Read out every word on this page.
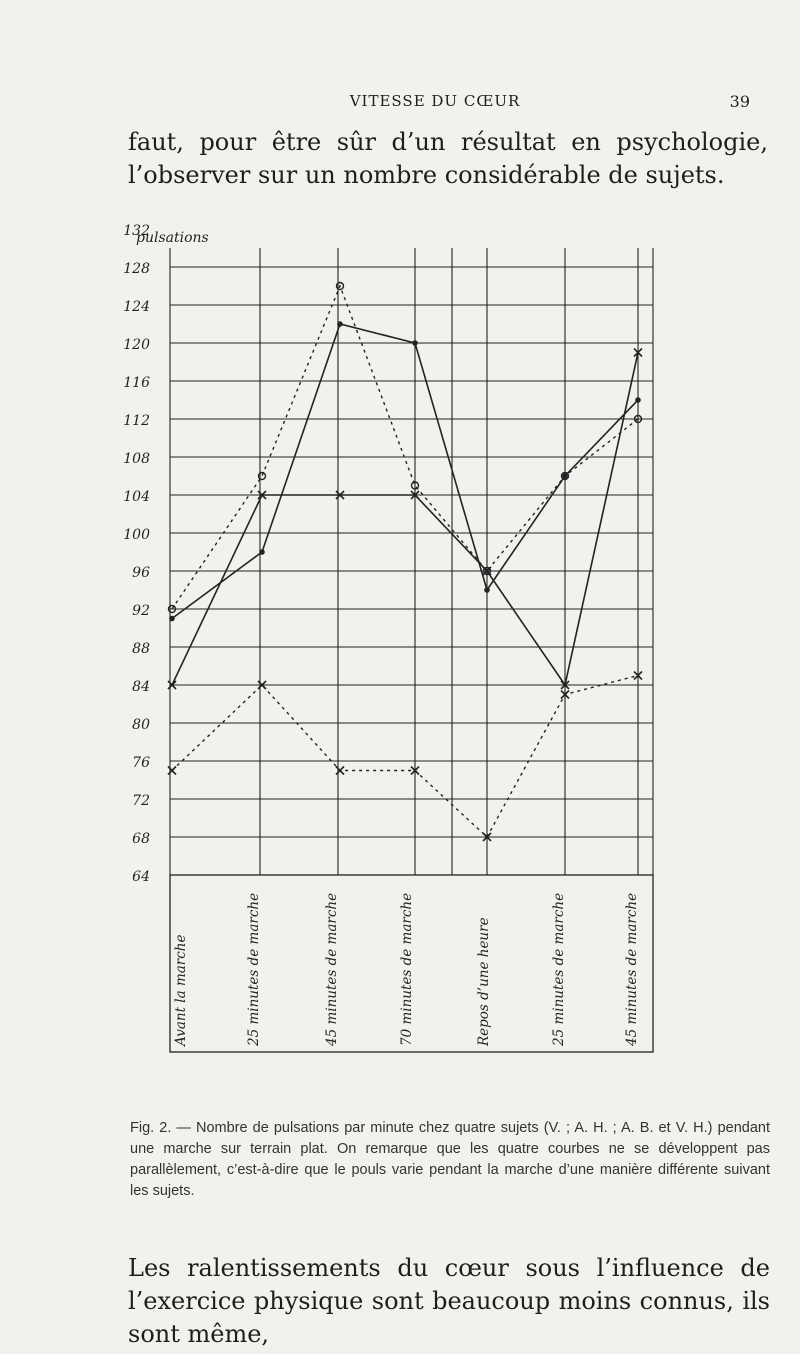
VITESSE DU CŒUR	39

faut, pour être sûr d’un résultat en psychologie, l’observer sur un nombre considérable de sujets.

132
128
124
120
116
112
108
104
100
96
92
88
84
80
76
72
68
64
pulsations
Avant la marche	25 minutes de marche	45 minutes de marche	70 minutes de marche	Repos d’une heure	25 minutes de marche	45 minutes de marche

Fig. 2. — Nombre de pulsations par minute chez quatre sujets (V. ; A. H. ; A. B. et V. H.) pendant une marche sur terrain plat. On remarque que les quatre courbes ne se développent pas parallèlement, c’est-à-dire que le pouls varie pendant la marche d’une manière différente suivant les sujets.

Les ralentissements du cœur sous l’influence de l’exercice physique sont beaucoup moins connus, ils sont même,
